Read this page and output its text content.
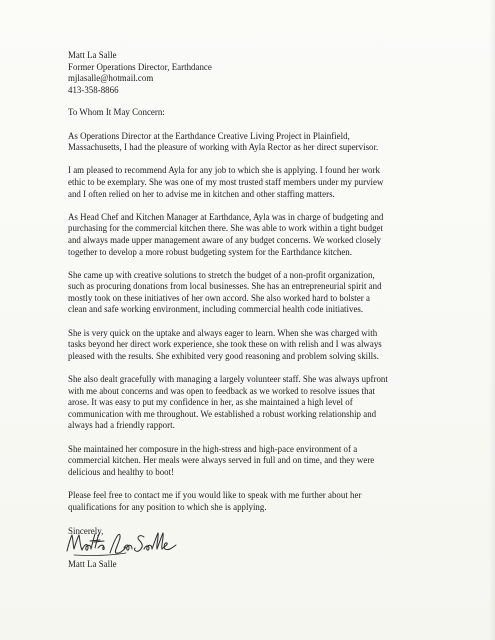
Matt La Salle
Former Operations Director, Earthdance
mjlasalle@hotmail.com
413-358-8866
To Whom It May Concern:

As Operations Director at the Earthdance Creative Living Project in Plainfield,
Massachusetts, I had the pleasure of working with Ayla Rector as her direct supervisor.

I am pleased to recommend Ayla for any job to which she is applying. I found her work
ethic to be exemplary. She was one of my most trusted staff members under my purview
and I often relied on her to advise me in kitchen and other staffing matters.

As Head Chef and Kitchen Manager at Earthdance, Ayla was in charge of budgeting and
purchasing for the commercial kitchen there. She was able to work within a tight budget
and always made upper management aware of any budget concerns. We worked closely
together to develop a more robust budgeting system for the Earthdance kitchen.

She came up with creative solutions to stretch the budget of a non-profit organization,
such as procuring donations from local businesses. She has an entrepreneurial spirit and
mostly took on these initiatives of her own accord. She also worked hard to bolster a
clean and safe working environment, including commercial health code initiatives.

She is very quick on the uptake and always eager to learn. When she was charged with
tasks beyond her direct work experience, she took these on with relish and I was always
pleased with the results. She exhibited very good reasoning and problem solving skills.

She also dealt gracefully with managing a largely volunteer staff. She was always upfront
with me about concerns and was open to feedback as we worked to resolve issues that
arose. It was easy to put my confidence in her, as she maintained a high level of
communication with me throughout. We established a robust working relationship and
always had a friendly rapport.

She maintained her composure in the high-stress and high-pace environment of a
commercial kitchen. Her meals were always served in full and on time, and they were
delicious and healthy to boot!

Please feel free to contact me if you would like to speak with me further about her
qualifications for any position to which she is applying.

Sincerely,
Matt La Salle
